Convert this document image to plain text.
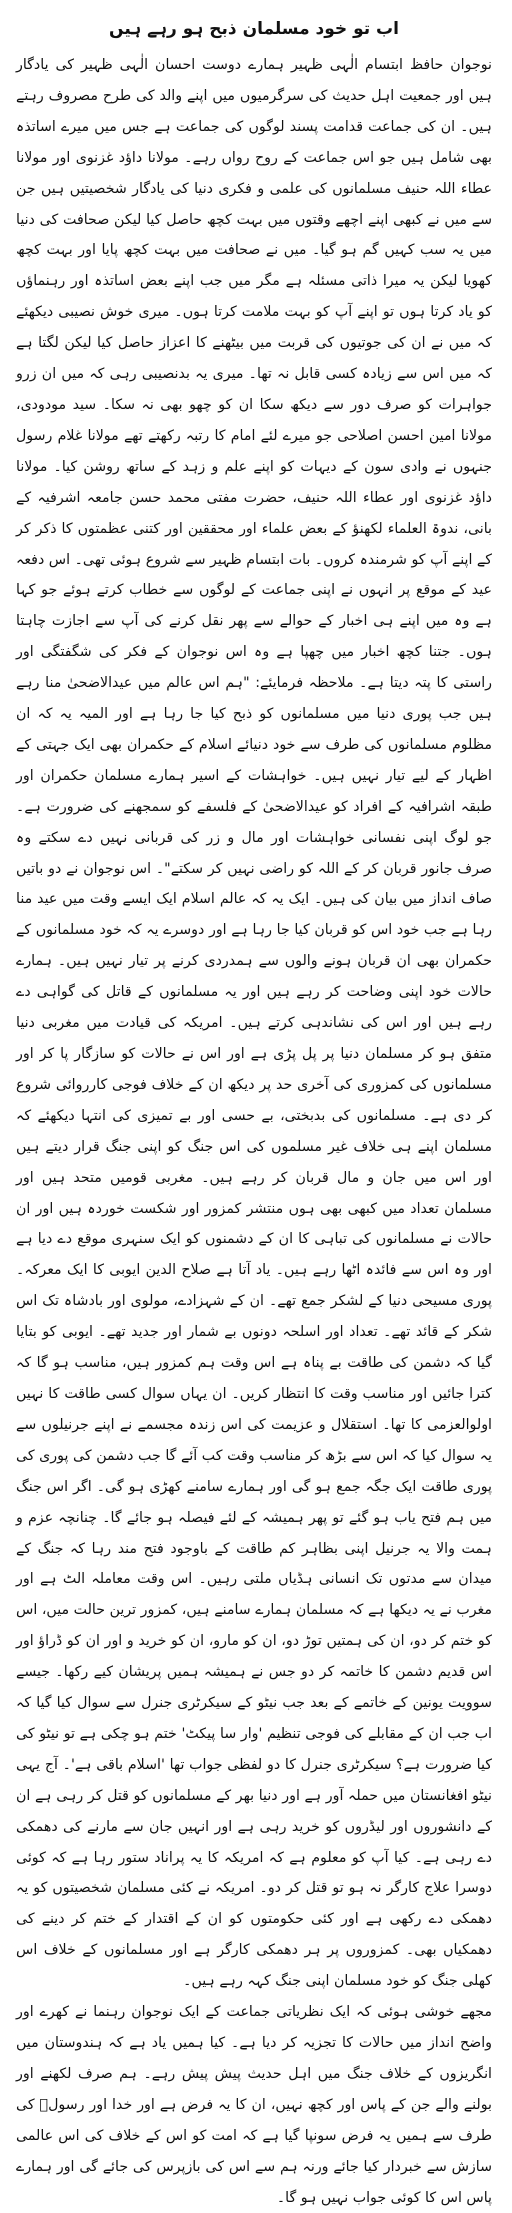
اب تو خود مسلمان ذبح ہو رہے ہیں

نوجوان حافظ ابتسام الٰہی ظہیر ہمارے دوست احسان الٰہی ظہیر کی یادگار ہیں اور جمعیت اہل حدیث کی سرگرمیوں میں اپنے والد کی طرح مصروف رہتے ہیں۔ ان کی جماعت قدامت پسند لوگوں کی جماعت ہے جس میں میرے اساتذہ بھی شامل ہیں جو اس جماعت کے روح رواں رہے۔ مولانا داؤد غزنوی اور مولانا عطاء اللہ حنیف مسلمانوں کی علمی و فکری دنیا کی یادگار شخصیتیں ہیں جن سے میں نے کبھی اپنے اچھے وقتوں میں بہت کچھ حاصل کیا لیکن صحافت کی دنیا میں یہ سب کہیں گم ہو گیا۔ میں نے صحافت میں بہت کچھ پایا اور بہت کچھ کھویا لیکن یہ میرا ذاتی مسئلہ ہے مگر میں جب اپنے بعض اساتذہ اور رہنماؤں کو یاد کرتا ہوں تو اپنے آپ کو بہت ملامت کرتا ہوں۔ میری خوش نصیبی دیکھئے کہ میں نے ان کی جوتیوں کی قربت میں بیٹھنے کا اعزاز حاصل کیا لیکن لگتا ہے کہ میں اس سے زیادہ کسی قابل نہ تھا۔ میری یہ بدنصیبی رہی کہ میں ان زرو جواہرات کو صرف دور سے دیکھ سکا ان کو چھو بھی نہ سکا۔ سید مودودی، مولانا امین احسن اصلاحی جو میرے لئے امام کا رتبہ رکھتے تھے مولانا غلام رسول جنہوں نے وادی سون کے دیہات کو اپنے علم و زہد کے ساتھ روشن کیا۔ مولانا داؤد غزنوی اور عطاء اللہ حنیف، حضرت مفتی محمد حسن جامعہ اشرفیہ کے بانی، ندوۃ العلماء لکھنؤ کے بعض علماء اور محققین اور کتنی عظمتوں کا ذکر کر کے اپنے آپ کو شرمندہ کروں۔ بات ابتسام ظہیر سے شروع ہوئی تھی۔ اس دفعہ عید کے موقع پر انہوں نے اپنی جماعت کے لوگوں سے خطاب کرتے ہوئے جو کہا ہے وہ میں اپنے ہی اخبار کے حوالے سے پھر نقل کرنے کی آپ سے اجازت چاہتا ہوں۔ جتنا کچھ اخبار میں چھپا ہے وہ اس نوجوان کے فکر کی شگفتگی اور راستی کا پتہ دیتا ہے۔ ملاحظہ فرمایئے: "ہم اس عالم میں عیدالاضحیٰ منا رہے ہیں جب پوری دنیا میں مسلمانوں کو ذبح کیا جا رہا ہے اور المیہ یہ کہ ان مظلوم مسلمانوں کی طرف سے خود دنیائے اسلام کے حکمران بھی ایک جہتی کے اظہار کے لیے تیار نہیں ہیں۔ خواہشات کے اسیر ہمارے مسلمان حکمران اور طبقہ اشرافیہ کے افراد کو عیدالاضحیٰ کے فلسفے کو سمجھنے کی ضرورت ہے۔ جو لوگ اپنی نفسانی خواہشات اور مال و زر کی قربانی نہیں دے سکتے وہ صرف جانور قربان کر کے اللہ کو راضی نہیں کر سکتے"۔ اس نوجوان نے دو باتیں صاف انداز میں بیان کی ہیں۔ ایک یہ کہ عالم اسلام ایک ایسے وقت میں عید منا رہا ہے جب خود اس کو قربان کیا جا رہا ہے اور دوسرے یہ کہ خود مسلمانوں کے حکمران بھی ان قربان ہونے والوں سے ہمدردی کرنے پر تیار نہیں ہیں۔ ہمارے حالات خود اپنی وضاحت کر رہے ہیں اور یہ مسلمانوں کے قاتل کی گواہی دے رہے ہیں اور اس کی نشاندہی کرتے ہیں۔ امریکہ کی قیادت میں مغربی دنیا متفق ہو کر مسلمان دنیا پر پل پڑی ہے اور اس نے حالات کو سازگار پا کر اور مسلمانوں کی کمزوری کی آخری حد پر دیکھ ان کے خلاف فوجی کارروائی شروع کر دی ہے۔ مسلمانوں کی بدبختی، بے حسی اور بے تمیزی کی انتہا دیکھئے کہ مسلمان اپنے ہی خلاف غیر مسلموں کی اس جنگ کو اپنی جنگ قرار دیتے ہیں اور اس میں جان و مال قربان کر رہے ہیں۔ مغربی قومیں متحد ہیں اور مسلمان تعداد میں کبھی بھی ہوں منتشر کمزور اور شکست خوردہ ہیں اور ان حالات نے مسلمانوں کی تباہی کا ان کے دشمنوں کو ایک سنہری موقع دے دیا ہے اور وہ اس سے فائدہ اٹھا رہے ہیں۔ یاد آتا ہے صلاح الدین ایوبی کا ایک معرکہ۔ پوری مسیحی دنیا کے لشکر جمع تھے۔ ان کے شہزادے، مولوی اور بادشاہ تک اس شکر کے قائد تھے۔ تعداد اور اسلحہ دونوں بے شمار اور جدید تھے۔ ایوبی کو بتایا گیا کہ دشمن کی طاقت بے پناہ ہے اس وقت ہم کمزور ہیں، مناسب ہو گا کہ کترا جائیں اور مناسب وقت کا انتظار کریں۔ ان یہاں سوال کسی طاقت کا نہیں اولوالعزمی کا تھا۔ استقلال و عزیمت کی اس زندہ مجسمے نے اپنے جرنیلوں سے یہ سوال کیا کہ اس سے بڑھ کر مناسب وقت کب آئے گا جب دشمن کی پوری کی پوری طاقت ایک جگہ جمع ہو گی اور ہمارے سامنے کھڑی ہو گی۔ اگر اس جنگ میں ہم فتح یاب ہو گئے تو پھر ہمیشہ کے لئے فیصلہ ہو جائے گا۔ چنانچہ عزم و ہمت والا یہ جرنیل اپنی بظاہر کم طاقت کے باوجود فتح مند رہا کہ جنگ کے میدان سے مدتوں تک انسانی ہڈیاں ملتی رہیں۔ اس وقت معاملہ الٹ ہے اور مغرب نے یہ دیکھا ہے کہ مسلمان ہمارے سامنے ہیں، کمزور ترین حالت میں، اس کو ختم کر دو، ان کی ہمتیں توڑ دو، ان کو مارو، ان کو خرید و اور ان کو ڈراؤ اور اس قدیم دشمن کا خاتمہ کر دو جس نے ہمیشہ ہمیں پریشان کیے رکھا۔ جیسے سوویت یونین کے خاتمے کے بعد جب نیٹو کے سیکرٹری جنرل سے سوال کیا گیا کہ اب جب ان کے مقابلے کی فوجی تنظیم 'وار سا پیکٹ' ختم ہو چکی ہے تو نیٹو کی کیا ضرورت ہے؟ سیکرٹری جنرل کا دو لفظی جواب تھا 'اسلام باقی ہے'۔ آج یہی نیٹو افغانستان میں حملہ آور ہے اور دنیا بھر کے مسلمانوں کو قتل کر رہی ہے ان کے دانشوروں اور لیڈروں کو خرید رہی ہے اور انہیں جان سے مارنے کی دھمکی دے رہی ہے۔ کیا آپ کو معلوم ہے کہ امریکہ کا یہ پراناد ستور رہا ہے کہ کوئی دوسرا علاج کارگر نہ ہو تو قتل کر دو۔ امریکہ نے کئی مسلمان شخصیتوں کو یہ دھمکی دے رکھی ہے اور کئی حکومتوں کو ان کے اقتدار کے ختم کر دینے کی دھمکیاں بھی۔ کمزوروں پر ہر دھمکی کارگر ہے اور مسلمانوں کے خلاف اس کھلی جنگ کو خود مسلمان اپنی جنگ کہہ رہے ہیں۔

مجھے خوشی ہوئی کہ ایک نظریاتی جماعت کے ایک نوجوان رہنما نے کھرے اور واضح انداز میں حالات کا تجزیہ کر دیا ہے۔ کیا ہمیں یاد ہے کہ ہندوستان میں انگریزوں کے خلاف جنگ میں اہل حدیث پیش پیش رہے۔ ہم صرف لکھنے اور بولنے والے جن کے پاس اور کچھ نہیں، ان کا یہ فرض ہے اور خدا اور رسولؐ کی طرف سے ہمیں یہ فرض سونپا گیا ہے کہ امت کو اس کے خلاف کی اس عالمی سازش سے خبردار کیا جائے ورنہ ہم سے اس کی بازپرس کی جائے گی اور ہمارے پاس اس کا کوئی جواب نہیں ہو گا۔
